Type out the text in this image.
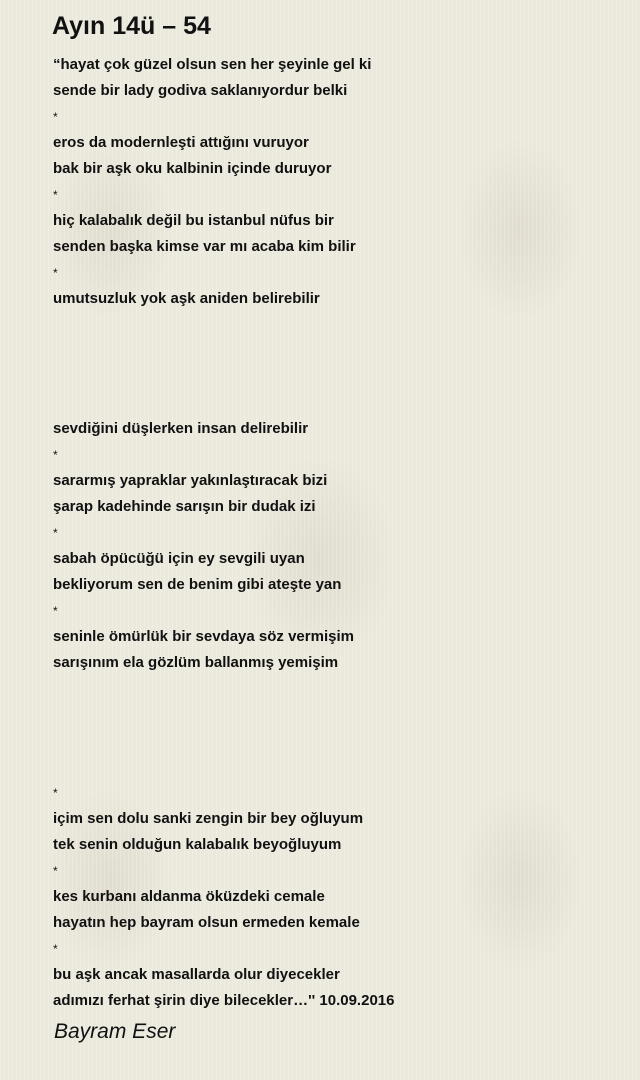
Ayın 14ü – 54
“hayat çok güzel olsun sen her şeyinle gel ki
sende bir lady godiva saklanıyordur belki
*
eros da modernleşti attığını vuruyor
bak bir aşk oku kalbinin içinde duruyor
*
hiç kalabalık değil bu istanbul nüfus bir
senden başka kimse var mı acaba kim bilir
*
umutsuzluk yok aşk aniden belirebilir
sevdiğini düşlerken insan delirebilir
*
sararmış yapraklar yakınlaştıracak bizi
şarap kadehinde sarışın bir dudak izi
*
sabah öpücüğü için ey sevgili uyan
bekliyorum sen de benim gibi ateşte yan
*
seninle ömürlük bir sevdaya söz vermişim
sarışınım ela gözlüm ballanmış yemişim
*
içim sen dolu sanki zengin bir bey oğluyum
tek senin olduğun kalabalık beyoğluyum
*
kes kurbanı aldanma öküzdeki cemale
hayatın hep bayram olsun ermeden kemale
*
bu aşk ancak masallarda olur diyecekler
adımızı ferhat şirin diye bilecekler…'' 10.09.2016
Bayram Eser
